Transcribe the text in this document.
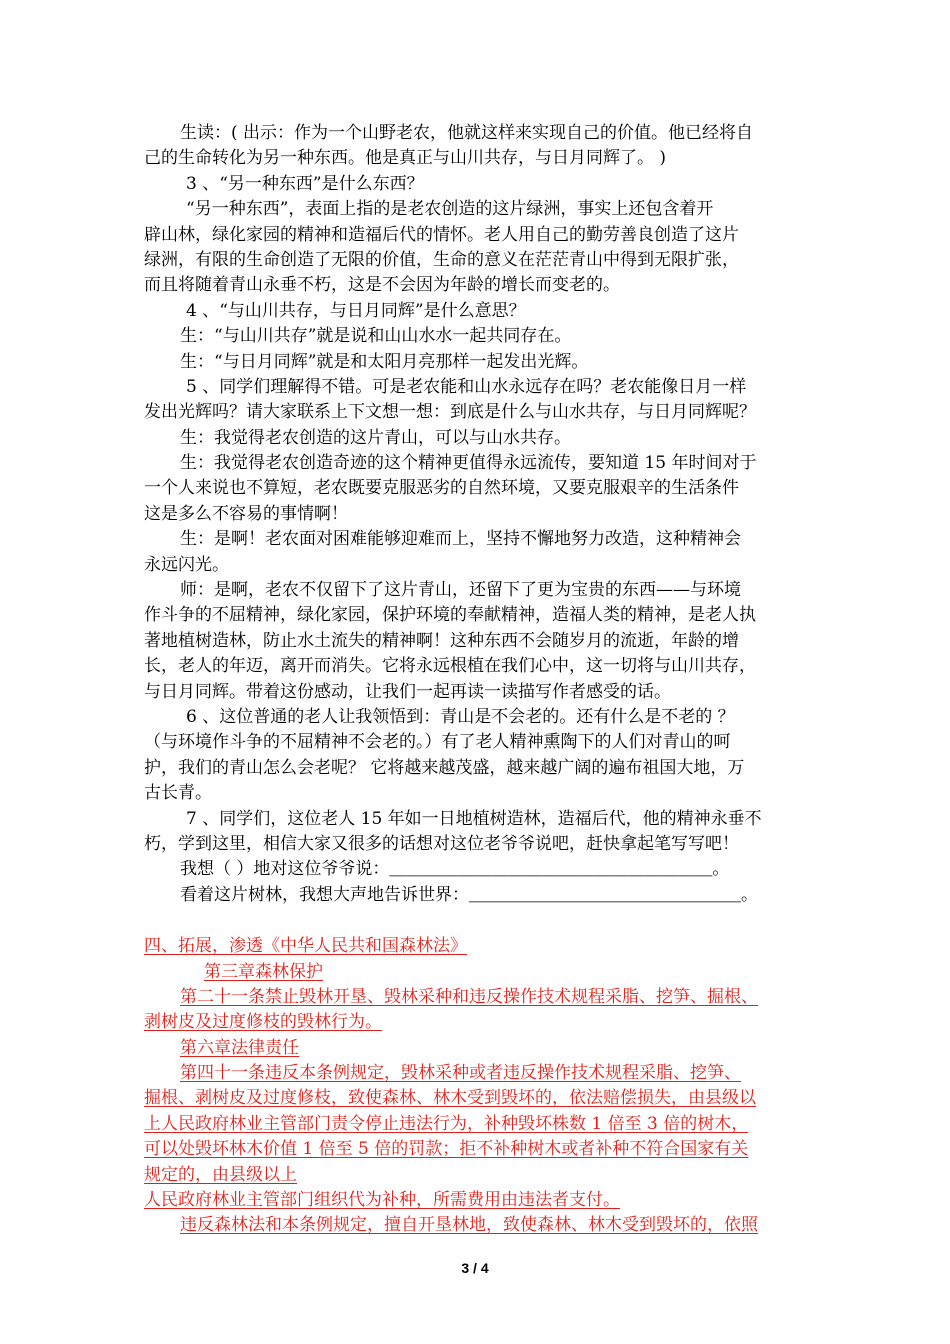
生读：( 出示：作为一个山野老农，他就这样来实现自己的价值。他已经将自
己的生命转化为另一种东西。他是真正与山川共存，与日月同辉了。 )
3 、“另一种东西”是什么东西？
“另一种东西”，表面上指的是老农创造的这片绿洲，事实上还包含着开
辟山林，绿化家园的精神和造福后代的情怀。老人用自己的勤劳善良创造了这片
绿洲，有限的生命创造了无限的价值，生命的意义在茫茫青山中得到无限扩张，
而且将随着青山永垂不朽，这是不会因为年龄的增长而变老的。
4 、“与山川共存，与日月同辉”是什么意思？
生：“与山川共存”就是说和山山水水一起共同存在。
生：“与日月同辉”就是和太阳月亮那样一起发出光辉。
5 、同学们理解得不错。可是老农能和山水永远存在吗？老农能像日月一样
发出光辉吗？请大家联系上下文想一想：到底是什么与山水共存，与日月同辉呢？
生：我觉得老农创造的这片青山，可以与山水共存。
生：我觉得老农创造奇迹的这个精神更值得永远流传，要知道 15 年时间对于
一个人来说也不算短，老农既要克服恶劣的自然环境，又要克服艰辛的生活条件
这是多么不容易的事情啊！
生：是啊！老农面对困难能够迎难而上，坚持不懈地努力改造，这种精神会
永远闪光。
师：是啊，老农不仅留下了这片青山，还留下了更为宝贵的东西——与环境
作斗争的不屈精神，绿化家园，保护环境的奉献精神，造福人类的精神，是老人执
著地植树造林，防止水土流失的精神啊！这种东西不会随岁月的流逝，年龄的增
长，老人的年迈，离开而消失。它将永远根植在我们心中，这一切将与山川共存，
与日月同辉。带着这份感动，让我们一起再读一读描写作者感受的话。
6 、这位普通的老人让我领悟到：青山是不会老的。还有什么是不老的 ？
（与环境作斗争的不屈精神不会老的。）有了老人精神熏陶下的人们对青山的呵
护，我们的青山怎么会老呢？ 它将越来越茂盛，越来越广阔的遍布祖国大地，万
古长青。
7 、同学们，这位老人 15 年如一日地植树造林，造福后代，他的精神永垂不
朽，学到这里，相信大家又很多的话想对这位老爷爷说吧，赶快拿起笔写写吧！
我想（ ）地对这位爷爷说：＿＿＿＿＿＿＿＿＿＿＿＿＿＿＿＿＿＿＿。
看着这片树林，我想大声地告诉世界：＿＿＿＿＿＿＿＿＿＿＿＿＿＿＿＿。
四、拓展，渗透《中华人民共和国森林法》
第三章森林保护
第二十一条禁止毁林开垦、毁林采种和违反操作技术规程采脂、挖笋、掘根、
剥树皮及过度修枝的毁林行为。
第六章法律责任
第四十一条违反本条例规定，毁林采种或者违反操作技术规程采脂、挖笋、
掘根、剥树皮及过度修枝，致使森林、林木受到毁坏的，依法赔偿损失，由县级以
上人民政府林业主管部门责令停止违法行为，补种毁坏株数 1 倍至 3 倍的树木，
可以处毁坏林木价值 1 倍至 5 倍的罚款；拒不补种树木或者补种不符合国家有关
规定的，由县级以上
人民政府林业主管部门组织代为补种，所需费用由违法者支付。
违反森林法和本条例规定，擅自开垦林地，致使森林、林木受到毁坏的，依照
3 / 4
